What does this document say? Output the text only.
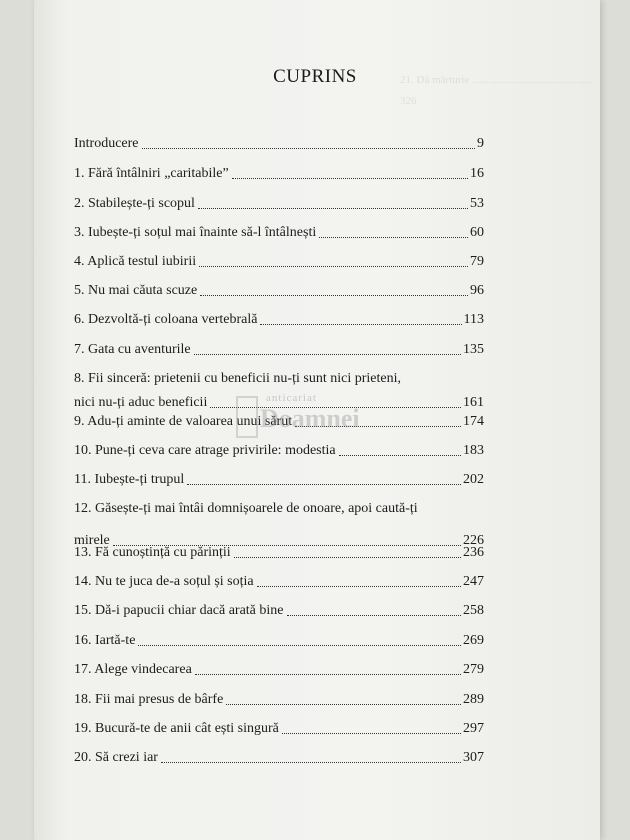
CUPRINS
Introducere	9
1. Fără întâlniri „caritabile”	16
2. Stabilește-ți scopul	53
3. Iubește-ți soțul mai înainte să-l întâlnești	60
4. Aplică testul iubirii	79
5. Nu mai căuta scuze	96
6. Dezvoltă-ți coloana vertebrală	113
7. Gata cu aventurile	135
8. Fii sinceră: prietenii cu beneficii nu-ți sunt nici prieteni,
nici nu-ți aduc beneficii	161
9. Adu-ți aminte de valoarea unui sărut	174
10. Pune-ți ceva care atrage privirile: modestia	183
11. Iubește-ți trupul	202
12. Găsește-ți mai întâi domnișoarele de onoare, apoi caută-ți
mirele	226
13. Fă cunoștință cu părinții	236
14. Nu te juca de-a soțul și soția	247
15. Dă-i papucii chiar dacă arată bine	258
16. Iartă-te	269
17. Alege vindecarea	279
18. Fii mai presus de bârfe	289
19. Bucură-te de anii cât ești singură	297
20. Să crezi iar	307
anticariat
Doamnei
